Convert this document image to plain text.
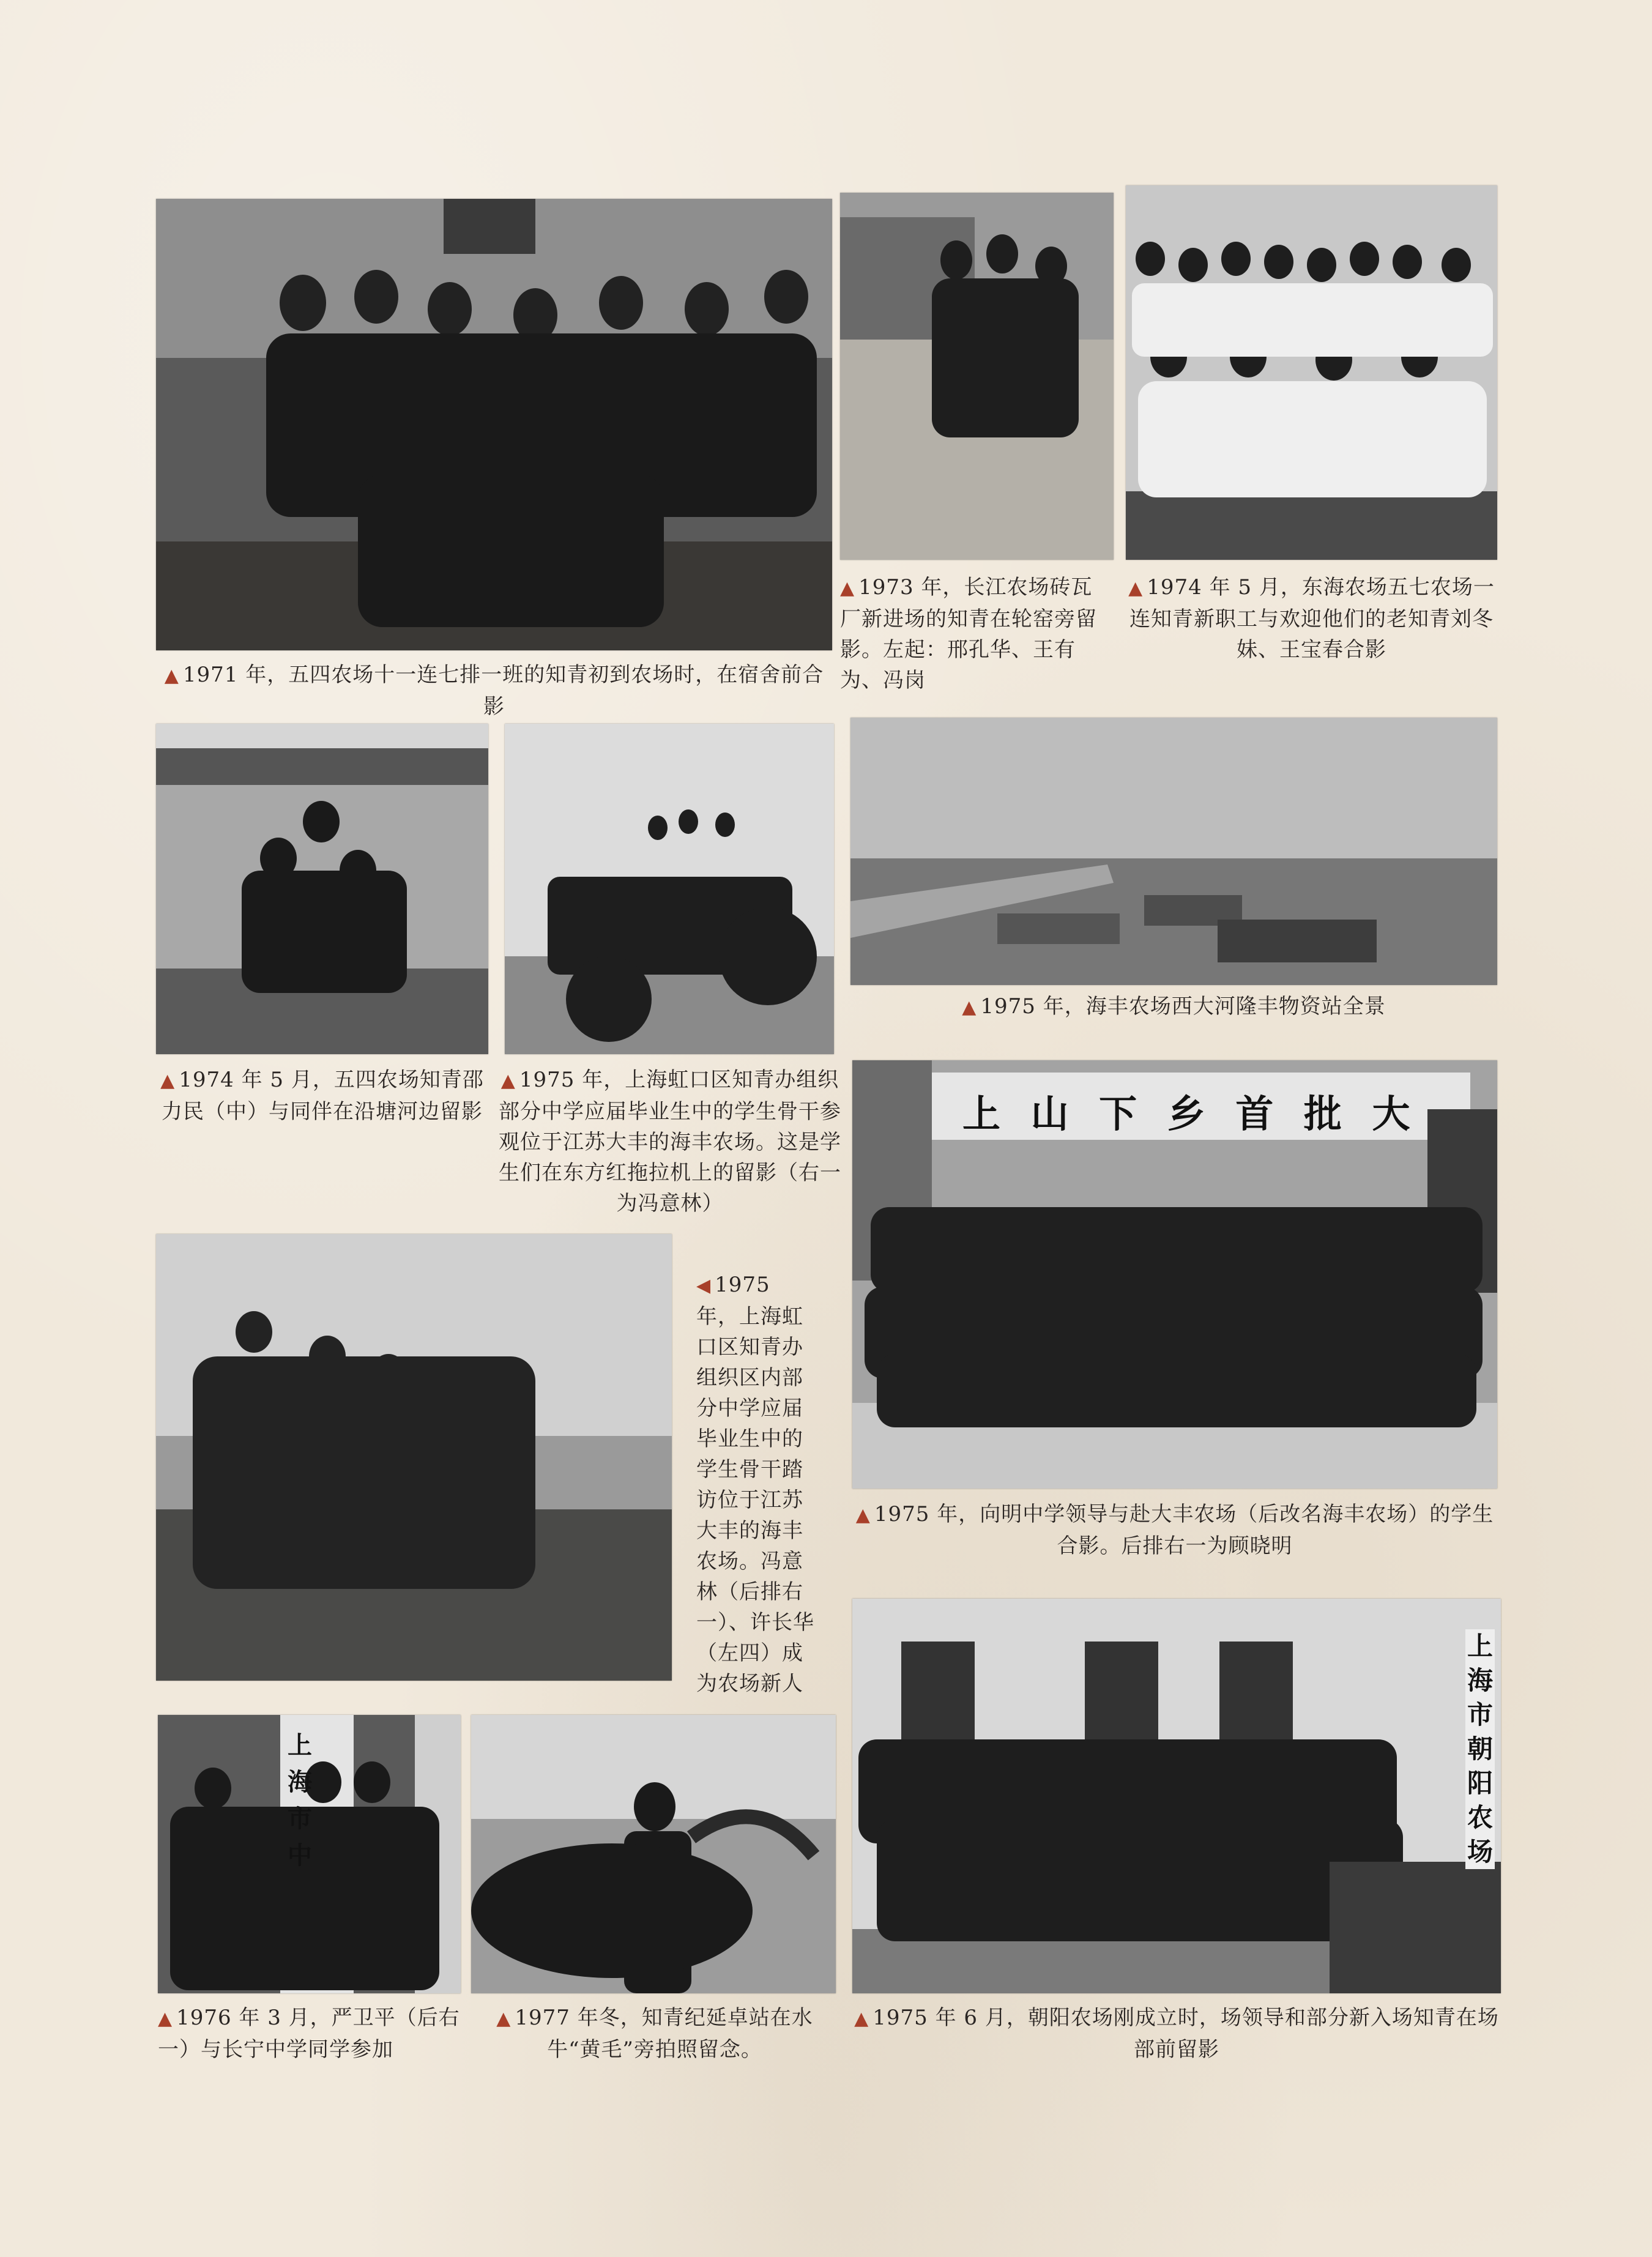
▲ 1971 年，五四农场十一连七排一班的知青初到农场时，在宿舍前合影
▲ 1973 年，长江农场砖瓦厂新进场的知青在轮窑旁留影。左起：邢孔华、王有为、冯岗
▲ 1974 年 5 月，东海农场五七农场一连知青新职工与欢迎他们的老知青刘冬妹、王宝春合影
▲ 1974 年 5 月，五四农场知青邵力民（中）与同伴在沿塘河边留影
▲ 1975 年，上海虹口区知青办组织部分中学应届毕业生中的学生骨干参观位于江苏大丰的海丰农场。这是学生们在东方红拖拉机上的留影（右一为冯意林）
▲ 1975 年，海丰农场西大河隆丰物资站全景
上 山 下 乡 首 批 大
▲ 1975 年，向明中学领导与赴大丰农场（后改名海丰农场）的学生合影。后排右一为顾晓明
◀ 1975 年，上海虹口区知青办组织区内部分中学应届毕业生中的学生骨干踏访位于江苏大丰的海丰农场。冯意林（后排右一）、许长华（左四）成为农场新人
上海市中
▲ 1976 年 3 月，严卫平（后右一）与长宁中学同学参加
▲ 1977 年冬，知青纪延卓站在水牛“黄毛”旁拍照留念。
上海市朝阳农场
▲ 1975 年 6 月，朝阳农场刚成立时，场领导和部分新入场知青在场部前留影
